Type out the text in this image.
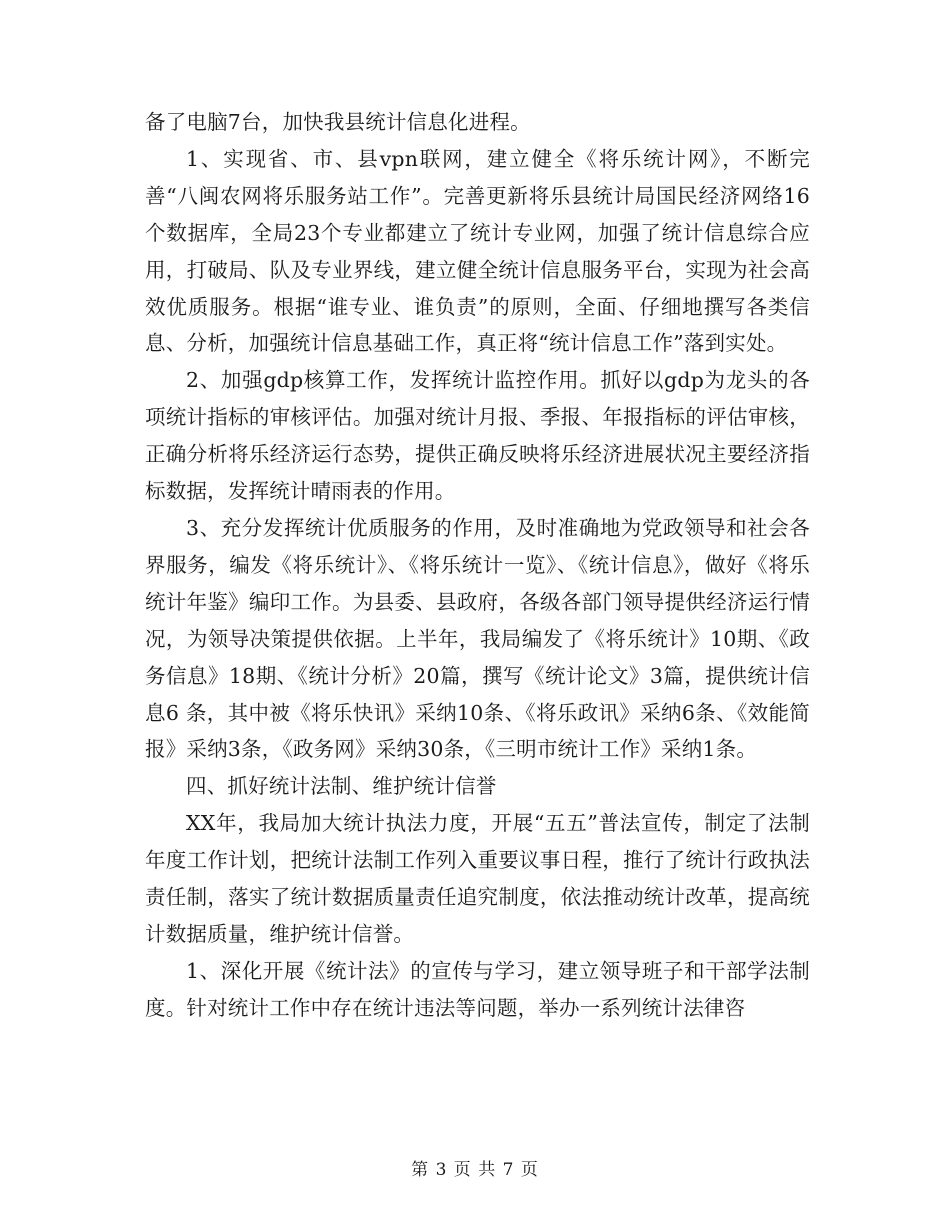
备了电脑7台，加快我县统计信息化进程。

1、实现省、市、县vpn联网，建立健全《将乐统计网》，不断完善“八闽农网将乐服务站工作”。完善更新将乐县统计局国民经济网络16个数据库，全局23个专业都建立了统计专业网，加强了统计信息综合应用，打破局、队及专业界线，建立健全统计信息服务平台，实现为社会高效优质服务。根据“谁专业、谁负责”的原则，全面、仔细地撰写各类信息、分析，加强统计信息基础工作，真正将“统计信息工作”落到实处。

2、加强gdp核算工作，发挥统计监控作用。抓好以gdp为龙头的各项统计指标的审核评估。加强对统计月报、季报、年报指标的评估审核，正确分析将乐经济运行态势，提供正确反映将乐经济进展状况主要经济指标数据，发挥统计晴雨表的作用。

3、充分发挥统计优质服务的作用，及时准确地为党政领导和社会各界服务，编发《将乐统计》、《将乐统计一览》、《统计信息》，做好《将乐统计年鉴》编印工作。为县委、县政府，各级各部门领导提供经济运行情况，为领导决策提供依据。上半年，我局编发了《将乐统计》10期、《政务信息》18期、《统计分析》20篇，撰写《统计论文》3篇，提供统计信息6 条，其中被《将乐快讯》采纳10条、《将乐政讯》采纳6条、《效能简报》采纳3条，《政务网》采纳30条，《三明市统计工作》采纳1条。

四、抓好统计法制、维护统计信誉

XX年，我局加大统计执法力度，开展“五五”普法宣传，制定了法制年度工作计划，把统计法制工作列入重要议事日程，推行了统计行政执法责任制，落实了统计数据质量责任追究制度，依法推动统计改革，提高统计数据质量，维护统计信誉。

1、深化开展《统计法》的宣传与学习，建立领导班子和干部学法制度。针对统计工作中存在统计违法等问题，举办一系列统计法律咨

第 3 页 共 7 页
